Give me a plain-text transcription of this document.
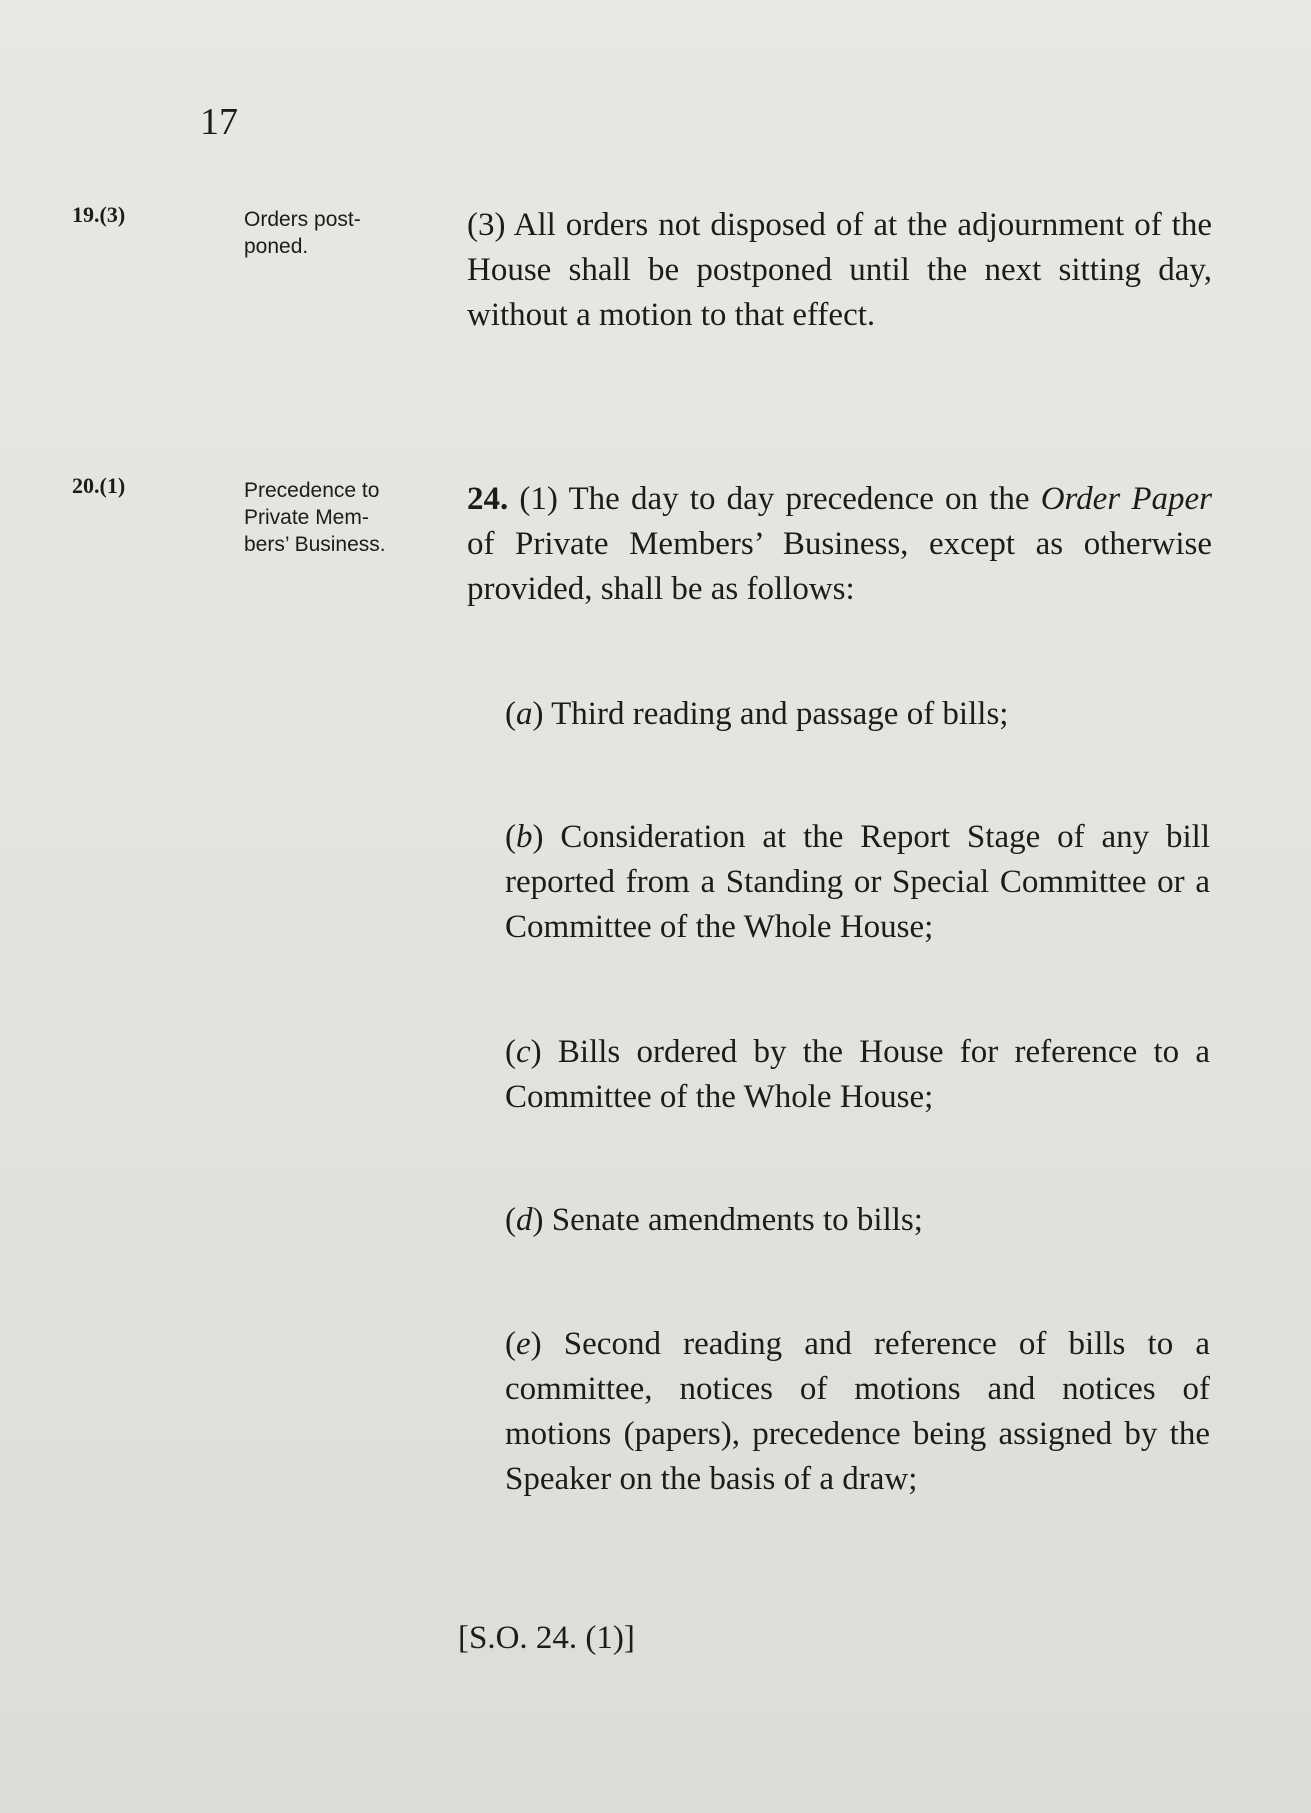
17
19.(3)	Orders post-
poned.
(3) All orders not disposed of at the adjournment of the House shall be postponed until the next sitting day, without a motion to that effect.
20.(1)	Precedence to
Private Mem-
bers’ Business.
24. (1) The day to day precedence on the Order Paper of Private Members’ Business, except as otherwise provided, shall be as follows:
(a) Third reading and passage of bills;
(b) Consideration at the Report Stage of any bill reported from a Standing or Special Committee or a Committee of the Whole House;
(c) Bills ordered by the House for reference to a Committee of the Whole House;
(d) Senate amendments to bills;
(e) Second reading and reference of bills to a committee, notices of motions and notices of motions (papers), precedence being assigned by the Speaker on the basis of a draw;
[S.O. 24. (1)]
